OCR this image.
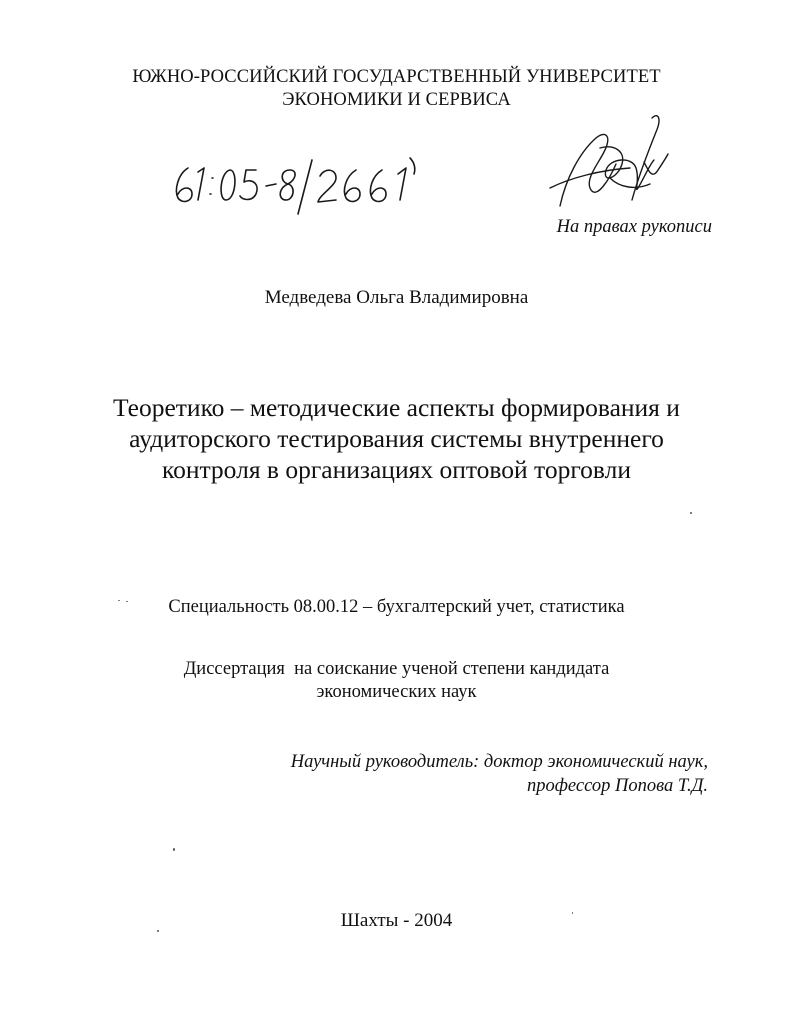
ЮЖНО-РОССИЙСКИЙ ГОСУДАРСТВЕННЫЙ УНИВЕРСИТЕТ
ЭКОНОМИКИ И СЕРВИСА
На правах рукописи
Медведева Ольга Владимировна
Теоретико – методические аспекты формирования и
аудиторского тестирования системы внутреннего
контроля в организациях оптовой торговли
Специальность 08.00.12 – бухгалтерский учет, статистика
Диссертация  на соискание ученой степени кандидата
экономических наук
Научный руководитель: доктор экономический наук,
профессор Попова Т.Д.
Шахты - 2004
